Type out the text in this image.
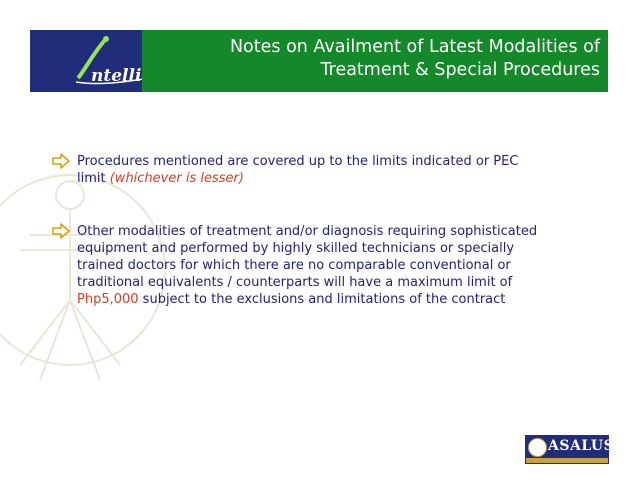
ntelli
Notes on Availment of Latest Modalities of
Treatment & Special Procedures
Procedures mentioned are covered up to the limits indicated or PEC limit (whichever is lesser)
Other modalities of treatment and/or diagnosis requiring sophisticated equipment and performed by highly skilled technicians or specially trained doctors for which there are no comparable conventional or traditional equivalents / counterparts will have a maximum limit of Php5,000 subject to the exclusions and limitations of the contract
ASALUS
